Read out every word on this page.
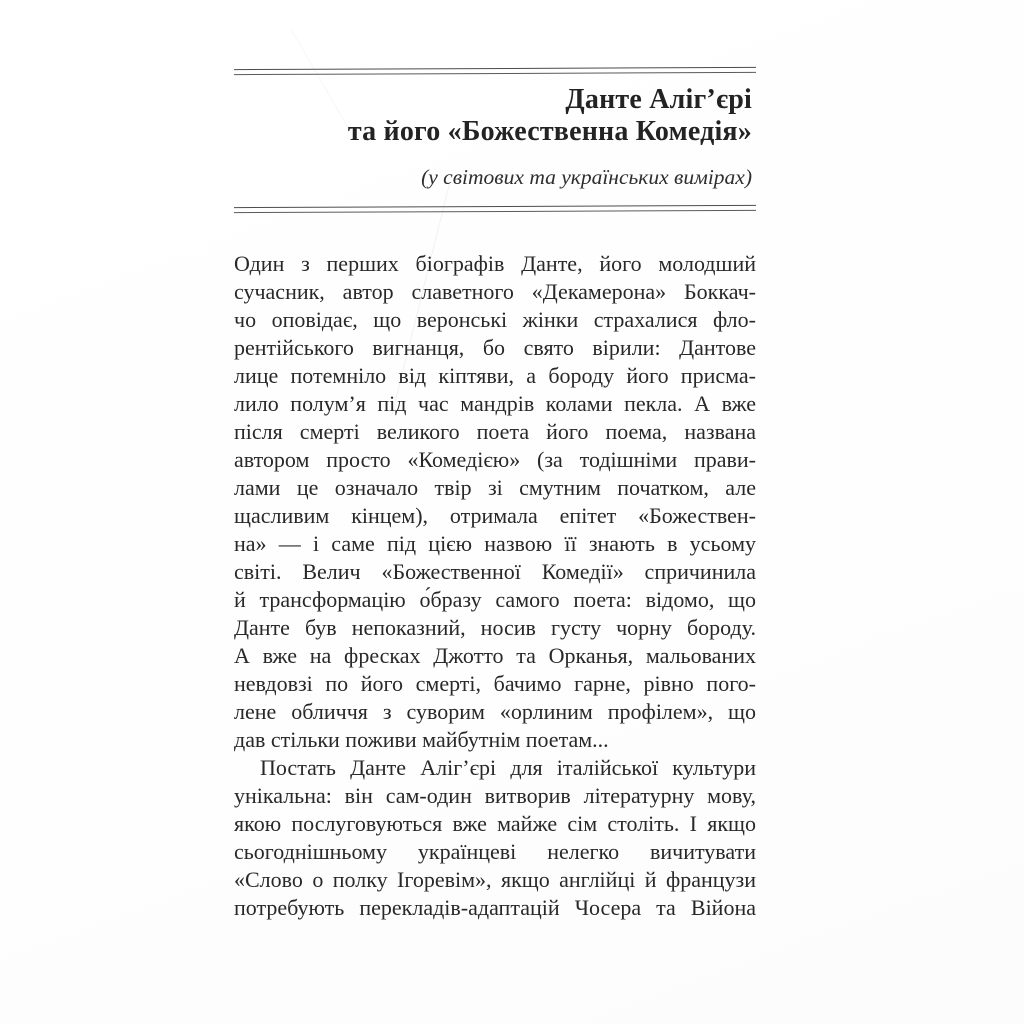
Данте Аліг’єрі
та його «Божественна Комедія»
(у світових та українських вимірах)
Один з перших біографів Данте, його молодший
сучасник, автор славетного «Декамерона» Боккач-
чо оповідає, що веронські жінки страхалися фло-
рентійського вигнанця, бо свято вірили: Дантове
лице потемніло від кіптяви, а бороду його присма-
лило полум’я під час мандрів колами пекла. А вже
після смерті великого поета його поема, названа
автором просто «Комедією» (за тодішніми прави-
лами це означало твір зі смутним початком, але
щасливим кінцем), отримала епітет «Божествен-
на» — і саме під цією назвою її знають в усьому
світі. Велич «Божественної Комедії» спричинила
й трансформацію о́бразу самого поета: відомо, що
Данте був непоказний, носив густу чорну бороду.
А вже на фресках Джотто та Орканья, мальованих
невдовзі по його смерті, бачимо гарне, рівно пого-
лене обличчя з суворим «орлиним профілем», що
дав стільки поживи майбутнім поетам...
Постать Данте Аліг’єрі для італійської культури
унікальна: він сам-один витворив літературну мову,
якою послуговуються вже майже сім століть. І якщо
сьогоднішньому українцеві нелегко вичитувати
«Слово о полку Ігоревім», якщо англійці й французи
потребують перекладів-адаптацій Чосера та Війона
